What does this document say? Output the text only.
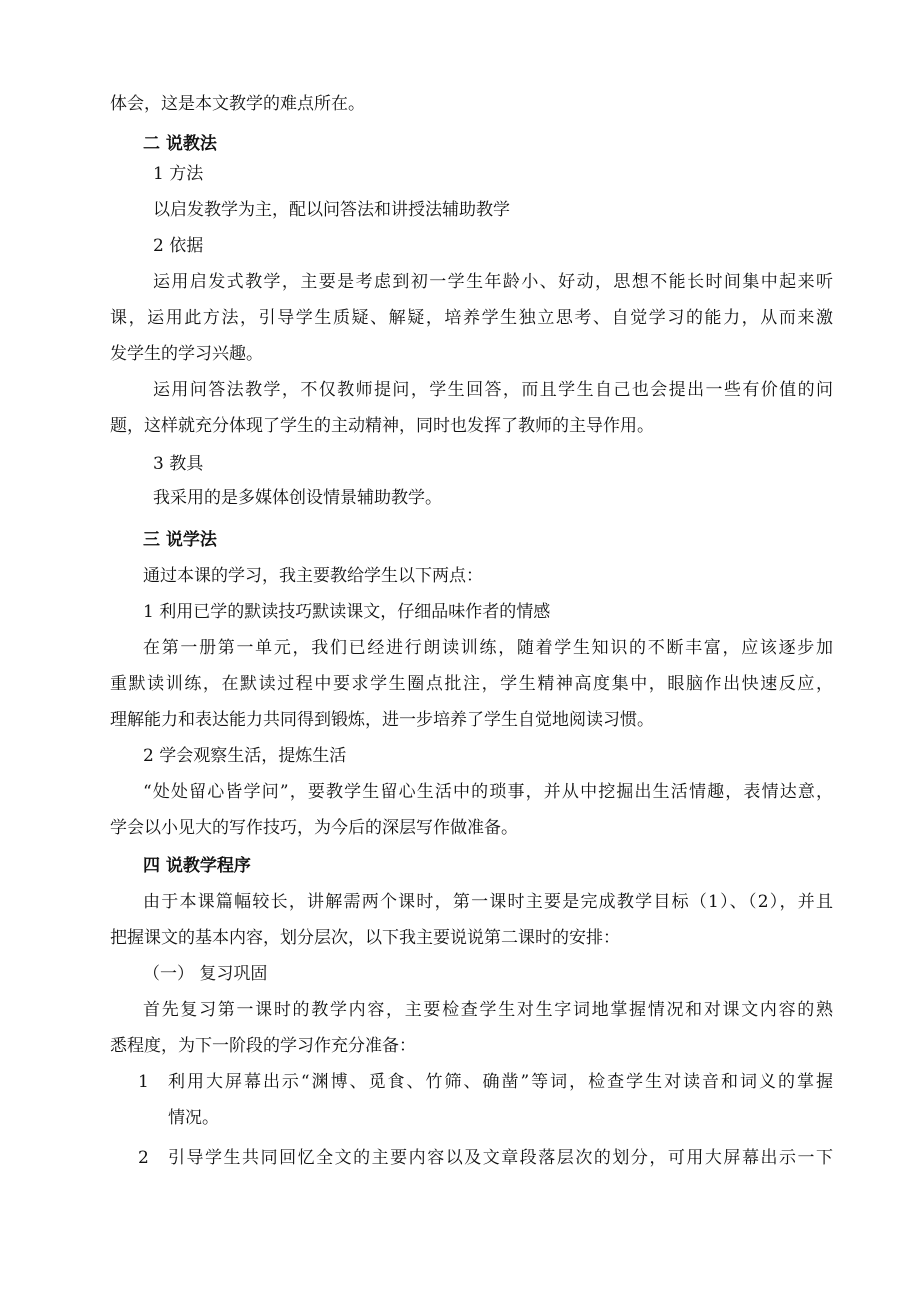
体会，这是本文教学的难点所在。
二 说教法
1 方法
以启发教学为主，配以问答法和讲授法辅助教学
2 依据
运用启发式教学，主要是考虑到初一学生年龄小、好动，思想不能长时间集中起来听
课，运用此方法，引导学生质疑、解疑，培养学生独立思考、自觉学习的能力，从而来激
发学生的学习兴趣。
运用问答法教学，不仅教师提问，学生回答，而且学生自己也会提出一些有价值的问
题，这样就充分体现了学生的主动精神，同时也发挥了教师的主导作用。
3 教具
我采用的是多媒体创设情景辅助教学。
三 说学法
通过本课的学习，我主要教给学生以下两点：
1 利用已学的默读技巧默读课文，仔细品味作者的情感
在第一册第一单元，我们已经进行朗读训练，随着学生知识的不断丰富，应该逐步加
重默读训练，在默读过程中要求学生圈点批注，学生精神高度集中，眼脑作出快速反应，
理解能力和表达能力共同得到锻炼，进一步培养了学生自觉地阅读习惯。
2 学会观察生活，提炼生活
“处处留心皆学问”，要教学生留心生活中的琐事，并从中挖掘出生活情趣，表情达意，
学会以小见大的写作技巧，为今后的深层写作做准备。
四 说教学程序
由于本课篇幅较长，讲解需两个课时，第一课时主要是完成教学目标（1）、（2），并且
把握课文的基本内容，划分层次，以下我主要说说第二课时的安排：
（一） 复习巩固
首先复习第一课时的教学内容，主要检查学生对生字词地掌握情况和对课文内容的熟
悉程度，为下一阶段的学习作充分准备：
1 利用大屏幕出示“渊博、觅食、竹筛、确凿”等词，检查学生对读音和词义的掌握
情况。
2 引导学生共同回忆全文的主要内容以及文章段落层次的划分，可用大屏幕出示一下
